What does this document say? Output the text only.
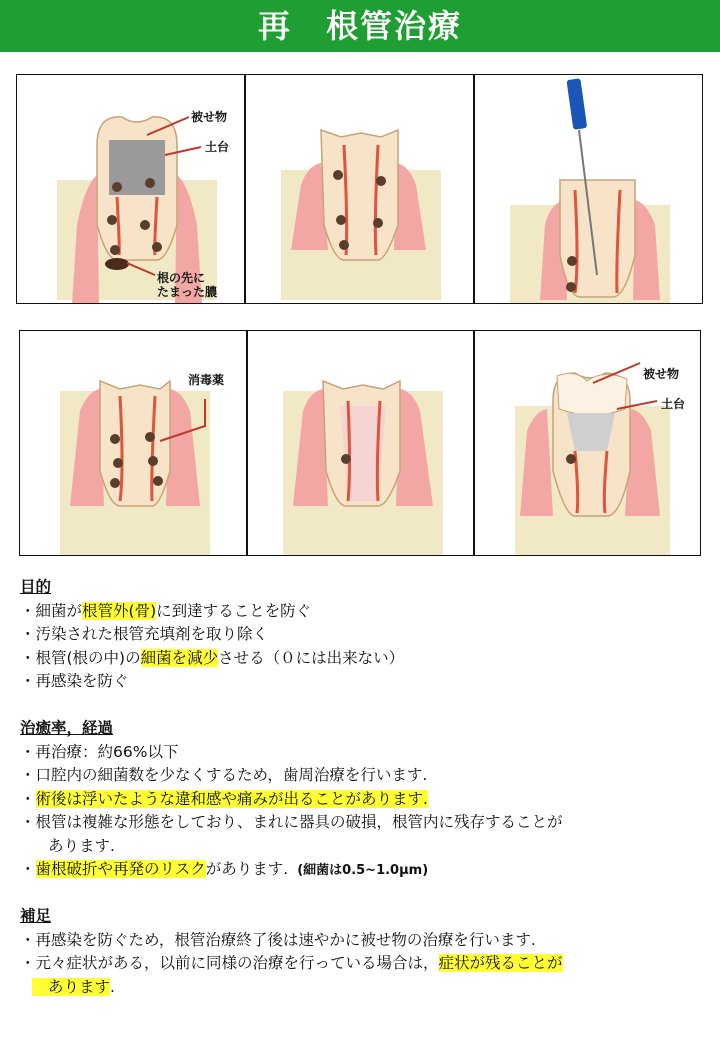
再　根管治療
被せ物
土台
根の先に
たまった膿
消毒薬	被せ物
土台
目的
・細菌が根管外(骨)に到達することを防ぐ
・汚染された根管充填剤を取り除く
・根管(根の中)の細菌を減少させる（０には出来ない）
・再感染を防ぐ
治癒率，経過
・再治療：約66%以下
・口腔内の細菌数を少なくするため，歯周治療を行います.
・術後は浮いたような違和感や痛みが出ることがあります.
・根管は複雑な形態をしており、まれに器具の破損，根管内に残存することが
あります.
・歯根破折や再発のリスクがあります.  (細菌は0.5~1.0μm)
補足
・再感染を防ぐため，根管治療終了後は速やかに被せ物の治療を行います.
・元々症状がある，以前に同様の治療を行っている場合は，症状が残ることが
あります.
